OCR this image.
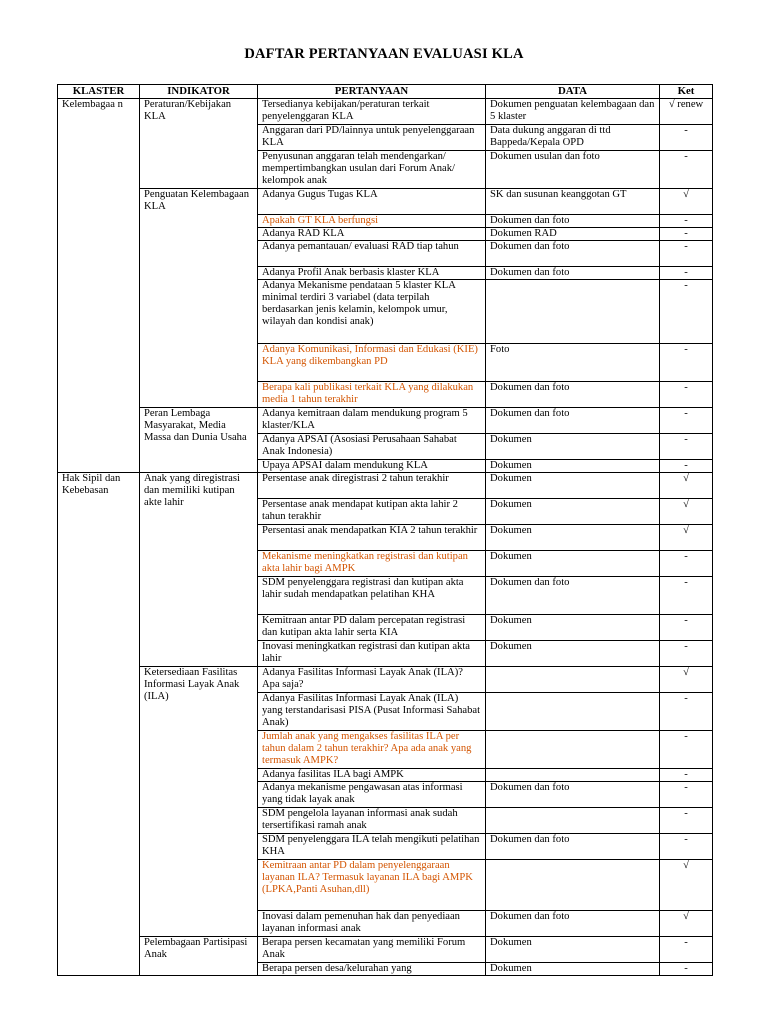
DAFTAR PERTANYAAN EVALUASI KLA
KLASTER	INDIKATOR	PERTANYAAN	DATA	Ket
Kelembagaa n	Peraturan/Kebijakan KLA	Tersedianya kebijakan/peraturan terkait penyelenggaran KLA	Dokumen penguatan kelembagaan dan 5 klaster	√ renew
		Anggaran dari PD/lainnya untuk penyelenggaraan KLA	Data dukung anggaran di ttd Bappeda/Kepala OPD	-
		Penyusunan anggaran telah mendengarkan/ mempertimbangkan usulan dari Forum Anak/ kelompok anak	Dokumen usulan dan foto	-
	Penguatan Kelembagaan KLA	Adanya Gugus Tugas KLA	SK dan susunan keanggotan GT	√
		Apakah GT KLA berfungsi	Dokumen dan foto	-
		Adanya RAD KLA	Dokumen RAD	-
		Adanya pemantauan/ evaluasi RAD tiap tahun	Dokumen dan foto	-
		Adanya Profil Anak berbasis klaster KLA	Dokumen dan foto	-
		Adanya Mekanisme pendataan 5 klaster KLA minimal terdiri 3 variabel (data terpilah berdasarkan jenis kelamin, kelompok umur, wilayah dan kondisi anak)		-
		Adanya Komunikasi, Informasi dan Edukasi (KIE) KLA yang dikembangkan PD	Foto	-
		Berapa kali publikasi terkait KLA yang dilakukan media 1 tahun terakhir	Dokumen dan foto	-
	Peran Lembaga Masyarakat, Media Massa dan Dunia Usaha	Adanya kemitraan dalam mendukung program 5 klaster/KLA	Dokumen dan foto	-
		Adanya APSAI (Asosiasi Perusahaan Sahabat Anak Indonesia)	Dokumen	-
		Upaya APSAI dalam mendukung KLA	Dokumen	-
Hak Sipil dan Kebebasan	Anak yang diregistrasi dan memiliki kutipan akte lahir	Persentase anak diregistrasi 2 tahun terakhir	Dokumen	√
		Persentase anak mendapat kutipan akta lahir 2 tahun terakhir	Dokumen	√
		Persentasi anak mendapatkan KIA 2 tahun terakhir	Dokumen	√
		Mekanisme meningkatkan registrasi dan kutipan akta lahir bagi AMPK	Dokumen	-
		SDM penyelenggara registrasi dan kutipan akta lahir sudah mendapatkan pelatihan KHA	Dokumen dan foto	-
		Kemitraan antar PD dalam percepatan registrasi dan kutipan akta lahir serta KIA	Dokumen	-
		Inovasi meningkatkan registrasi dan kutipan akta lahir	Dokumen	-
	Ketersediaan Fasilitas Informasi Layak Anak (ILA)	Adanya Fasilitas Informasi Layak Anak (ILA)? Apa saja?		√
		Adanya Fasilitas Informasi Layak Anak (ILA) yang terstandarisasi PISA (Pusat Informasi Sahabat Anak)		-
		Jumlah anak yang mengakses fasilitas ILA per tahun dalam 2 tahun terakhir? Apa ada anak yang termasuk AMPK?		-
		Adanya fasilitas ILA bagi AMPK		-
		Adanya mekanisme pengawasan atas informasi yang tidak layak anak	Dokumen dan foto	-
		SDM pengelola layanan informasi anak sudah tersertifikasi ramah anak		-
		SDM penyelenggara ILA telah mengikuti pelatihan KHA	Dokumen dan foto	-
		Kemitraan antar PD dalam penyelenggaraan layanan ILA? Termasuk layanan ILA bagi AMPK (LPKA,Panti Asuhan,dll)		√
		Inovasi dalam pemenuhan hak dan penyediaan layanan informasi anak	Dokumen dan foto	√
	Pelembagaan Partisipasi Anak	Berapa persen kecamatan yang memiliki Forum Anak	Dokumen	-
		Berapa persen desa/kelurahan yang	Dokumen	-
